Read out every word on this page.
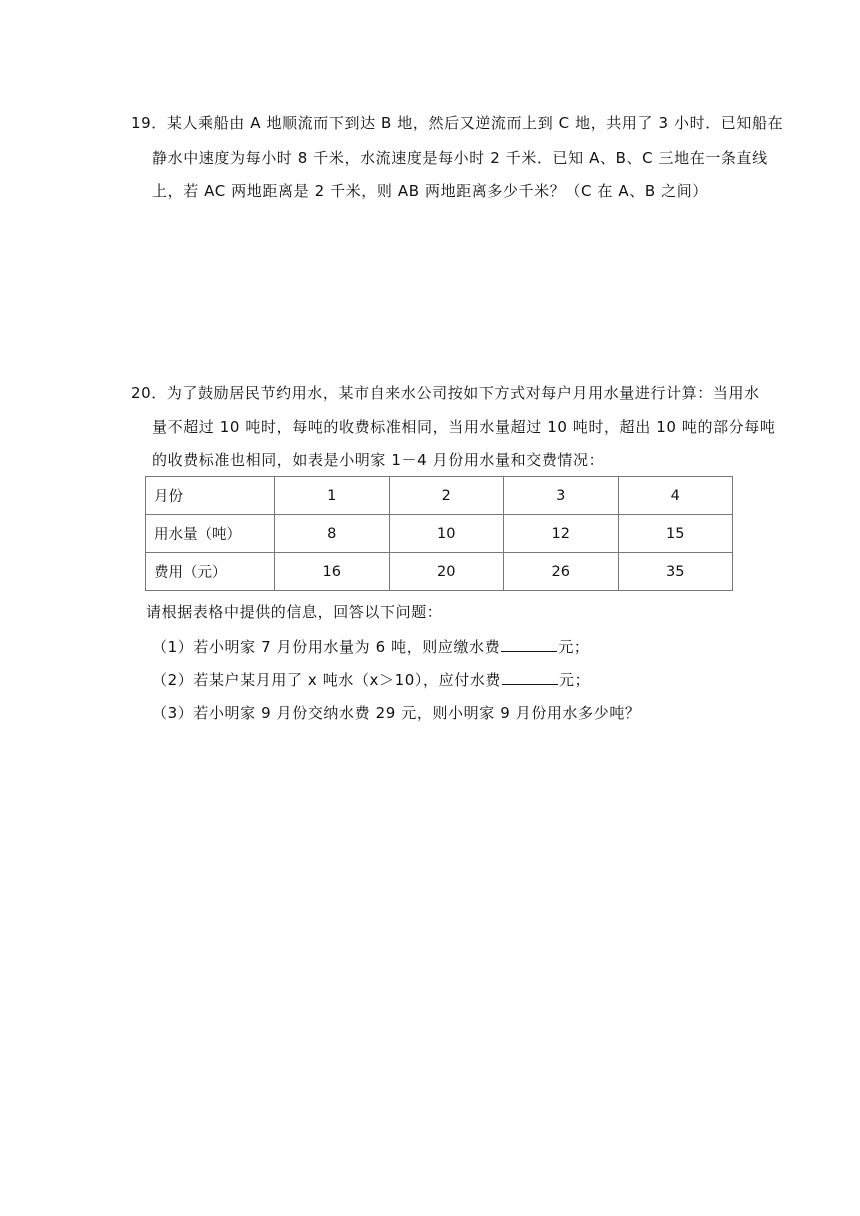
19．某人乘船由 A 地顺流而下到达 B 地，然后又逆流而上到 C 地，共用了 3 小时．已知船在
静水中速度为每小时 8 千米，水流速度是每小时 2 千米．已知 A、B、C 三地在一条直线
上，若 AC 两地距离是 2 千米，则 AB 两地距离多少千米？（C 在 A、B 之间）
20．为了鼓励居民节约用水，某市自来水公司按如下方式对每户月用水量进行计算：当用水
量不超过 10 吨时，每吨的收费标准相同，当用水量超过 10 吨时，超出 10 吨的部分每吨
的收费标准也相同，如表是小明家 1－4 月份用水量和交费情况：
月份	1	2	3	4
用水量（吨）	8	10	12	15
费用（元）	16	20	26	35
请根据表格中提供的信息，回答以下问题：
（1）若小明家 7 月份用水量为 6 吨，则应缴水费	元；
（2）若某户某月用了 x 吨水（x＞10），应付水费	元；
（3）若小明家 9 月份交纳水费 29 元，则小明家 9 月份用水多少吨？
